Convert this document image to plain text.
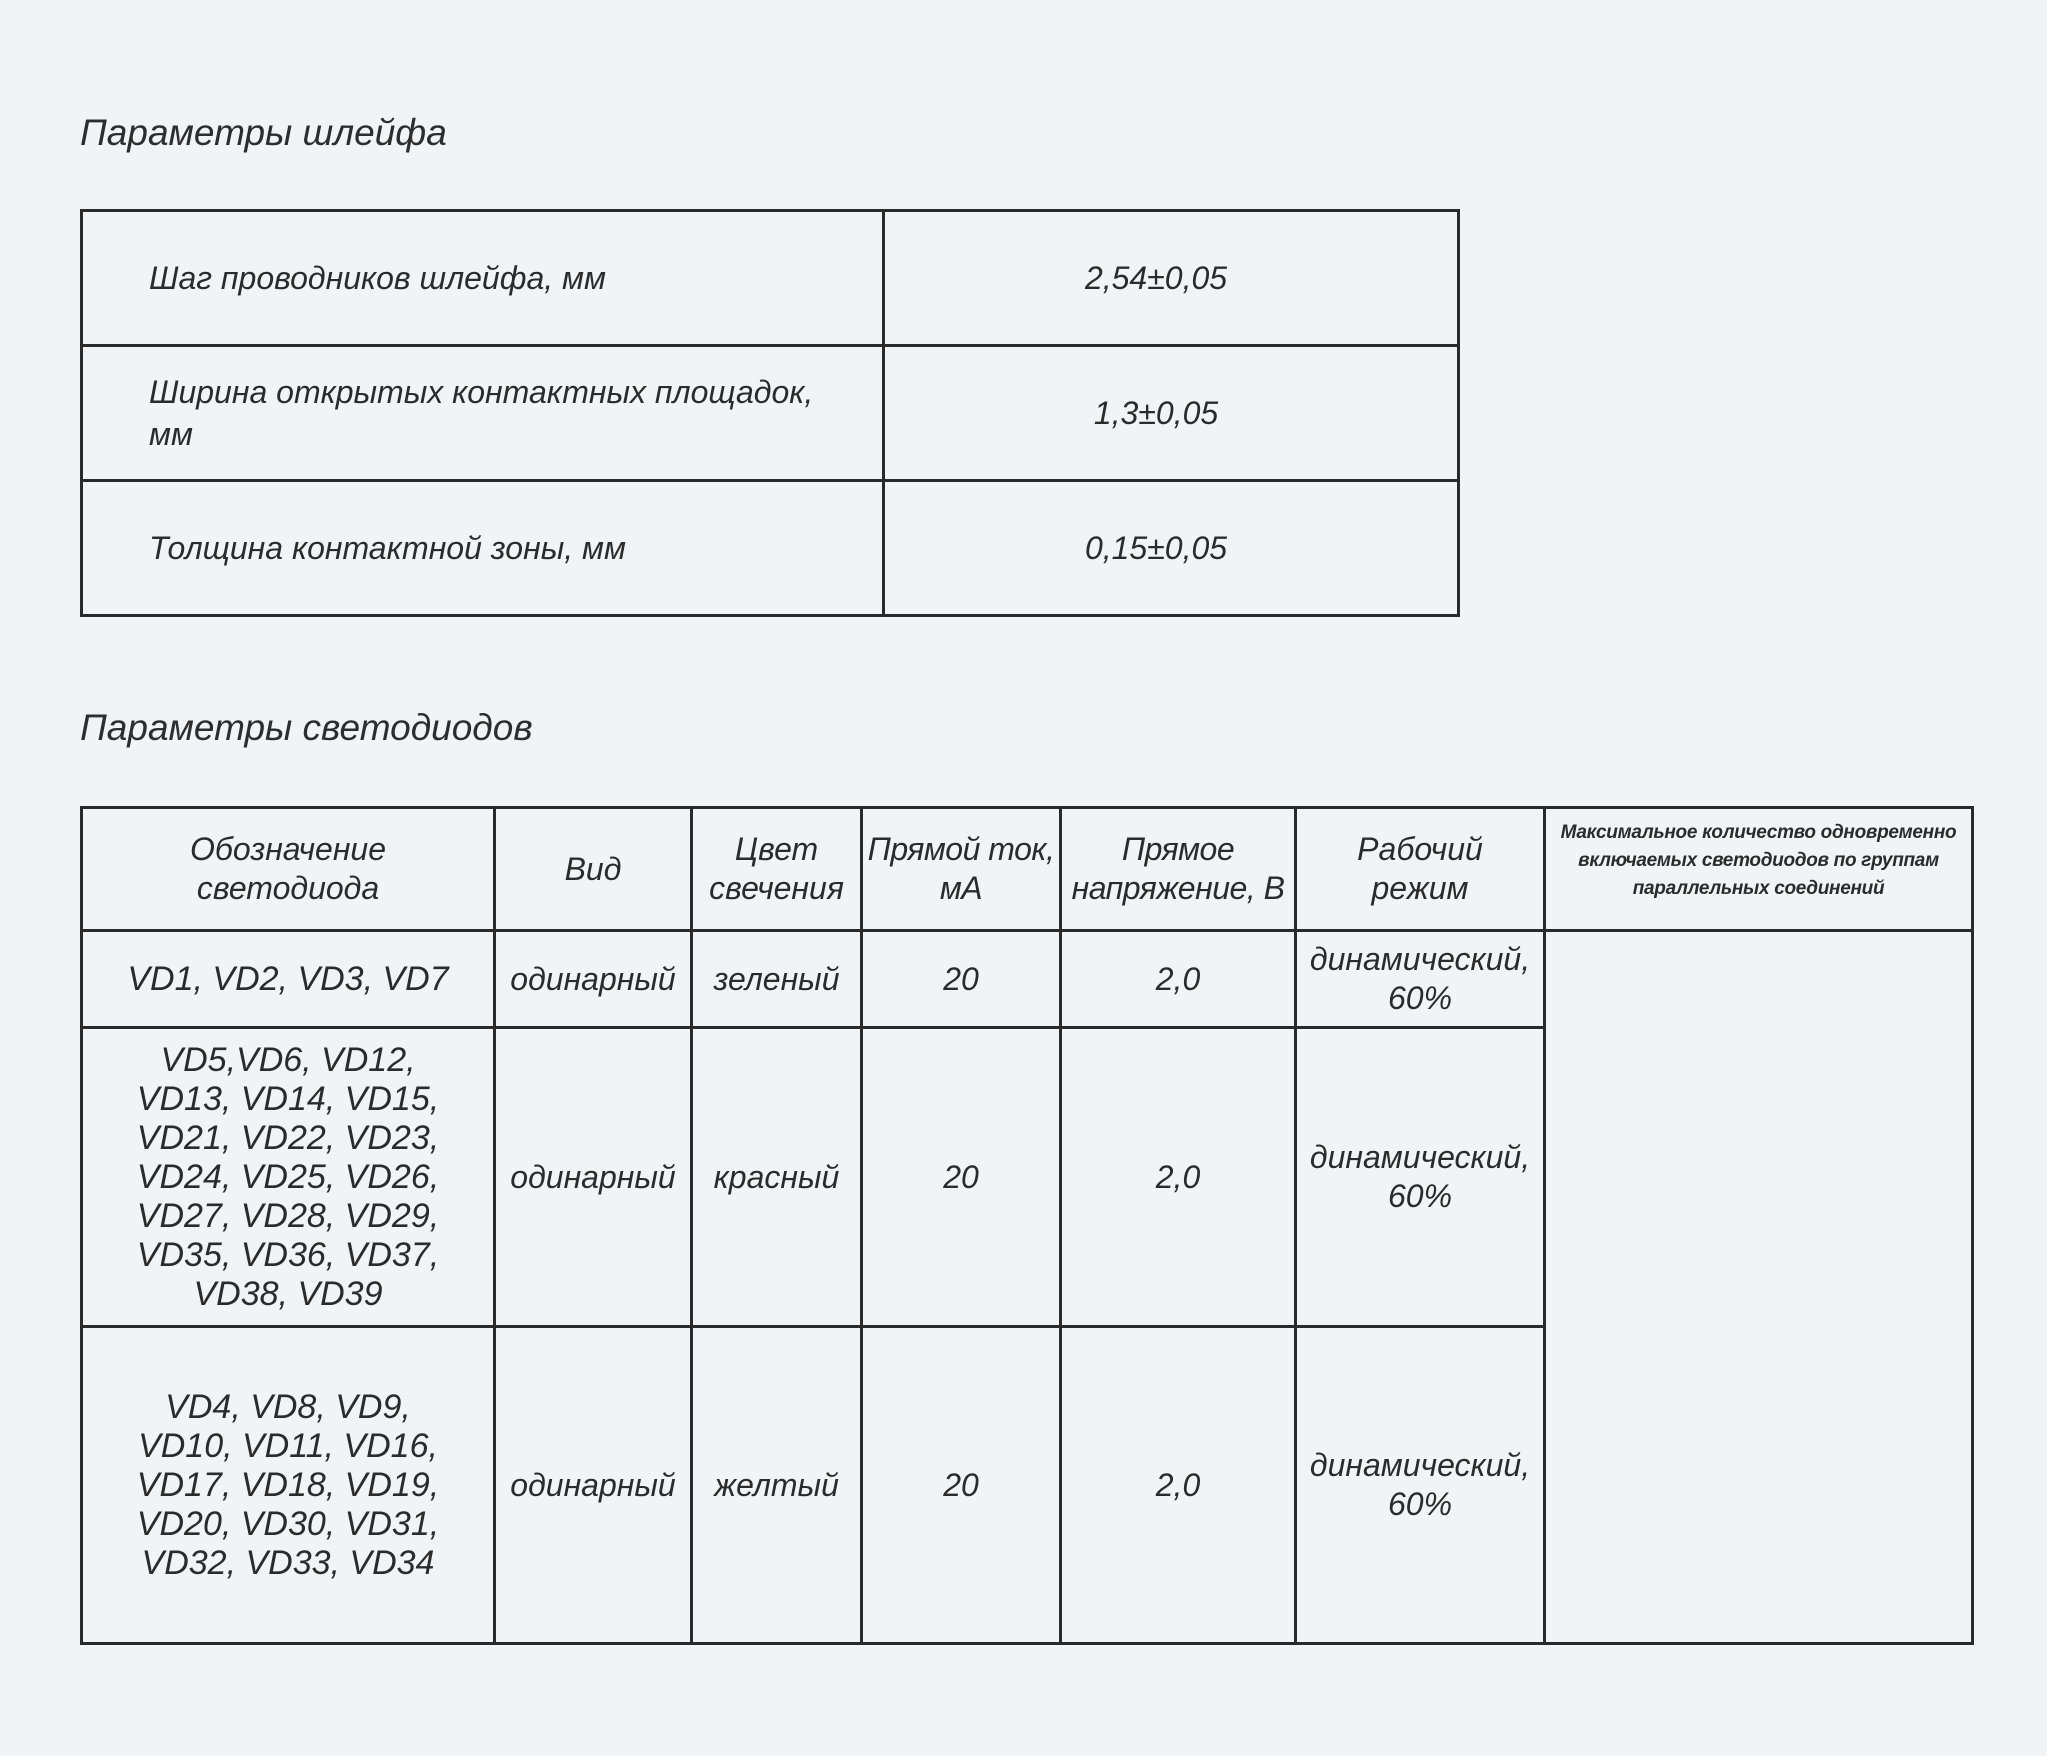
Параметры шлейфа
Шаг проводников шлейфа, мм	2,54±0,05
Ширина открытых контактных площадок, мм	1,3±0,05
Толщина контактной зоны, мм	0,15±0,05
Параметры светодиодов
Обозначение светодиода	Вид	Цвет свечения	Прямой ток, мА	Прямое напряжение, В	Рабочий режим	Максимальное количество одновременно включаемых светодиодов по группам параллельных соединений
VD1, VD2, VD3, VD7	одинарный	зеленый	20	2,0	динамический, 60%	
VD5,VD6, VD12, VD13, VD14, VD15, VD21, VD22, VD23, VD24, VD25, VD26, VD27, VD28, VD29, VD35, VD36, VD37, VD38, VD39	одинарный	красный	20	2,0	динамический, 60%	
VD4, VD8, VD9, VD10, VD11, VD16, VD17, VD18, VD19, VD20, VD30, VD31, VD32, VD33, VD34	одинарный	желтый	20	2,0	динамический, 60%	
